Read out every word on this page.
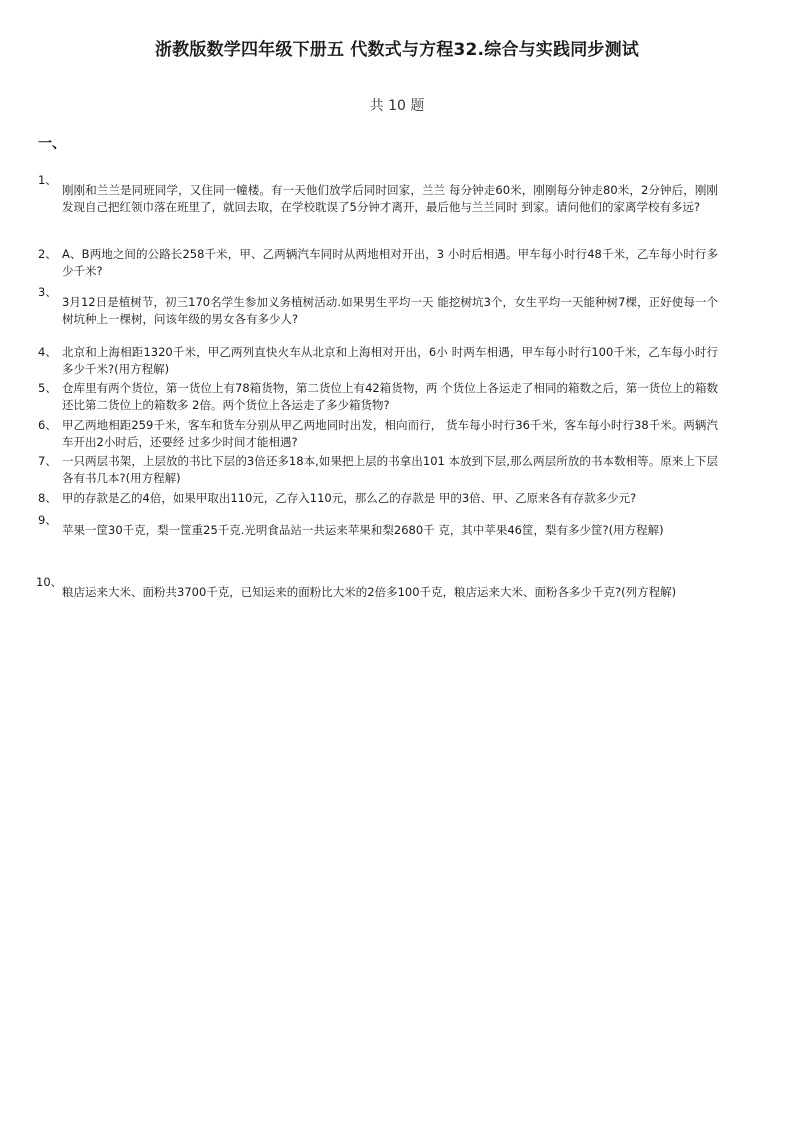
浙教版数学四年级下册五 代数式与方程32.综合与实践同步测试
共 10 题
一、
1、
刚刚和兰兰是同班同学，又住同一幢楼。有一天他们放学后同时回家，兰兰 每分钟走60米，刚刚每分钟走80米，2分钟后，刚刚发现自己把红领巾落在班里了，就回去取，在学校耽误了5分钟才离开，最后他与兰兰同时 到家。请问他们的家离学校有多远?
2、 A、B两地之间的公路长258千米，甲、乙两辆汽车同时从两地相对开出，3 小时后相遇。甲车每小时行48千米，乙车每小时行多少千米?
3、
3月12日是植树节，初三170名学生参加义务植树活动.如果男生平均一天 能挖树坑3个，女生平均一天能种树7棵，正好使每一个树坑种上一棵树，问该年级的男女各有多少人?
4、 北京和上海相距1320千米，甲乙两列直快火车从北京和上海相对开出，6小 时两车相遇，甲车每小时行100千米，乙车每小时行多少千米?(用方程解)
5、 仓库里有两个货位，第一货位上有78箱货物，第二货位上有42箱货物，两 个货位上各运走了相同的箱数之后，第一货位上的箱数还比第二货位上的箱数多 2倍。两个货位上各运走了多少箱货物?
6、 甲乙两地相距259千米，客车和货车分别从甲乙两地同时出发，相向而行， 货车每小时行36千米，客车每小时行38千米。两辆汽车开出2小时后，还要经 过多少时间才能相遇?
7、 一只两层书架，上层放的书比下层的3倍还多18本,如果把上层的书拿出101 本放到下层,那么两层所放的书本数相等。原来上下层各有书几本?(用方程解)
8、 甲的存款是乙的4倍，如果甲取出110元，乙存入110元，那么乙的存款是 甲的3倍、甲、乙原来各有存款多少元?
9、
苹果一筐30千克，梨一筐重25千克.光明食品站一共运来苹果和梨2680千 克，其中苹果46筐，梨有多少筐?(用方程解)
10、
粮店运来大米、面粉共3700千克，已知运来的面粉比大米的2倍多100千克，粮店运来大米、面粉各多少千克?(列方程解)
